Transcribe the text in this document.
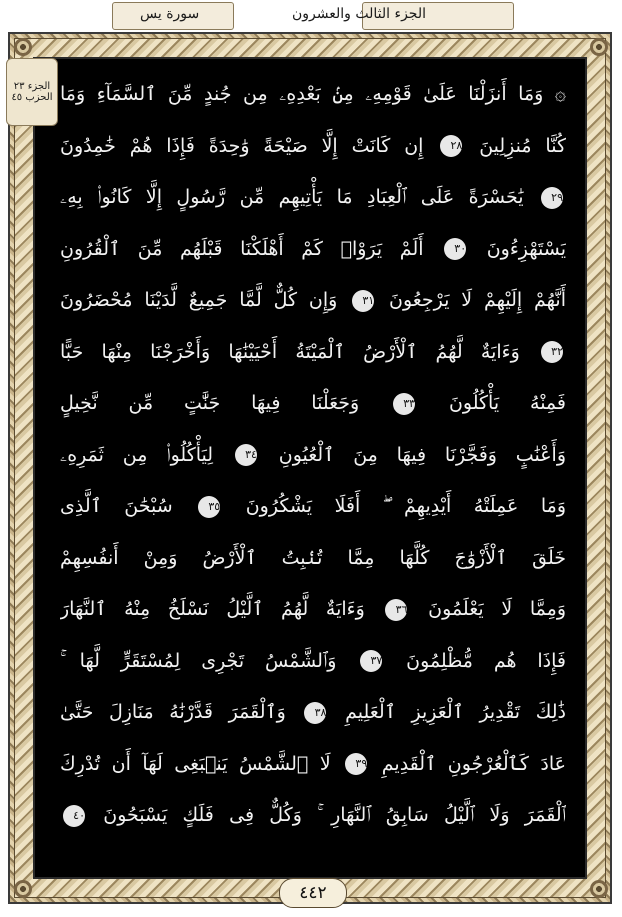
الجزء الثالث والعشرون
سورة يس
الجزء ٢٣
الحزب ٤٥ ۞ وَمَا أَنزَلْنَا عَلَىٰ قَوْمِهِۦ مِنۢ بَعْدِهِۦ مِن جُندٍ مِّنَ ٱلسَّمَآءِ وَمَا
كُنَّا مُنزِلِينَ ٢٨ إِن كَانَتْ إِلَّا صَيْحَةً وَٰحِدَةً فَإِذَا هُمْ خَٰمِدُونَ
٢٩ يَٰحَسْرَةً عَلَى ٱلْعِبَادِ مَا يَأْتِيهِم مِّن رَّسُولٍ إِلَّا كَانُوا۟ بِهِۦ
يَسْتَهْزِءُونَ ٣٠ أَلَمْ يَرَوْا۟ كَمْ أَهْلَكْنَا قَبْلَهُم مِّنَ ٱلْقُرُونِ
أَنَّهُمْ إِلَيْهِمْ لَا يَرْجِعُونَ ٣١ وَإِن كُلٌّ لَّمَّا جَمِيعٌ لَّدَيْنَا مُحْضَرُونَ
٣٢ وَءَايَةٌ لَّهُمُ ٱلْأَرْضُ ٱلْمَيْتَةُ أَحْيَيْنَٰهَا وَأَخْرَجْنَا مِنْهَا حَبًّا
فَمِنْهُ يَأْكُلُونَ ٣٣ وَجَعَلْنَا فِيهَا جَنَّٰتٍ مِّن نَّخِيلٍ
وَأَعْنَٰبٍ وَفَجَّرْنَا فِيهَا مِنَ ٱلْعُيُونِ ٣٤ لِيَأْكُلُوا۟ مِن ثَمَرِهِۦ
وَمَا عَمِلَتْهُ أَيْدِيهِمْ ۖ أَفَلَا يَشْكُرُونَ ٣٥ سُبْحَٰنَ ٱلَّذِى
خَلَقَ ٱلْأَزْوَٰجَ كُلَّهَا مِمَّا تُنۢبِتُ ٱلْأَرْضُ وَمِنْ أَنفُسِهِمْ
وَمِمَّا لَا يَعْلَمُونَ ٣٦ وَءَايَةٌ لَّهُمُ ٱلَّيْلُ نَسْلَخُ مِنْهُ ٱلنَّهَارَ
فَإِذَا هُم مُّظْلِمُونَ ٣٧ وَٱلشَّمْسُ تَجْرِى لِمُسْتَقَرٍّ لَّهَا ۚ
ذَٰلِكَ تَقْدِيرُ ٱلْعَزِيزِ ٱلْعَلِيمِ ٣٨ وَٱلْقَمَرَ قَدَّرْنَٰهُ مَنَازِلَ حَتَّىٰ
عَادَ كَٱلْعُرْجُونِ ٱلْقَدِيمِ ٣٩ لَا ٱلشَّمْسُ يَنۢبَغِى لَهَآ أَن تُدْرِكَ
ٱلْقَمَرَ وَلَا ٱلَّيْلُ سَابِقُ ٱلنَّهَارِ ۚ وَكُلٌّ فِى فَلَكٍ يَسْبَحُونَ ٤٠
٤٤٢
